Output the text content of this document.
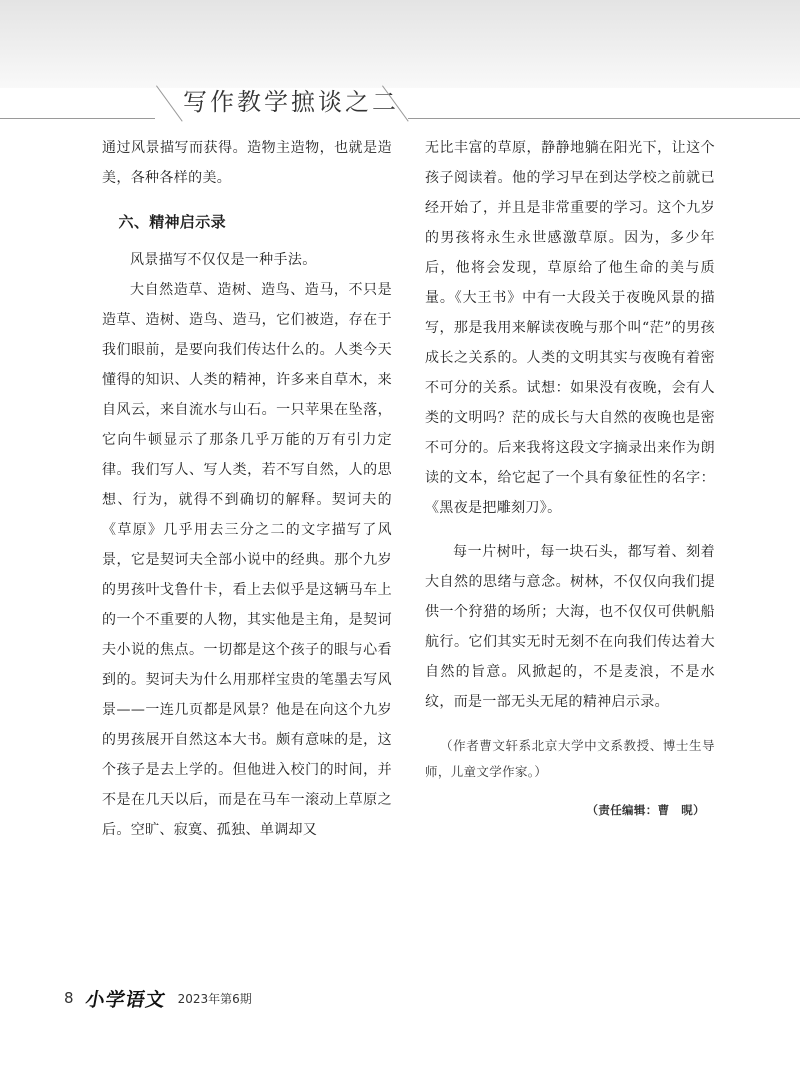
写作教学摭谈之二

通过风景描写而获得。造物主造物，也就是造美，各种各样的美。

六、精神启示录

风景描写不仅仅是一种手法。

大自然造草、造树、造鸟、造马，不只是造草、造树、造鸟、造马，它们被造，存在于我们眼前，是要向我们传达什么的。人类今天懂得的知识、人类的精神，许多来自草木，来自风云，来自流水与山石。一只苹果在坠落，它向牛顿显示了那条几乎万能的万有引力定律。我们写人、写人类，若不写自然，人的思想、行为，就得不到确切的解释。契诃夫的《草原》几乎用去三分之二的文字描写了风景，它是契诃夫全部小说中的经典。那个九岁的男孩叶戈鲁什卡，看上去似乎是这辆马车上的一个不重要的人物，其实他是主角，是契诃夫小说的焦点。一切都是这个孩子的眼与心看到的。契诃夫为什么用那样宝贵的笔墨去写风景——一连几页都是风景？他是在向这个九岁的男孩展开自然这本大书。颇有意味的是，这个孩子是去上学的。但他进入校门的时间，并不是在几天以后，而是在马车一滚动上草原之后。空旷、寂寞、孤独、单调却又

无比丰富的草原，静静地躺在阳光下，让这个孩子阅读着。他的学习早在到达学校之前就已经开始了，并且是非常重要的学习。这个九岁的男孩将永生永世感激草原。因为，多少年后，他将会发现，草原给了他生命的美与质量。《大王书》中有一大段关于夜晚风景的描写，那是我用来解读夜晚与那个叫“茫”的男孩成长之关系的。人类的文明其实与夜晚有着密不可分的关系。试想：如果没有夜晚，会有人类的文明吗？茫的成长与大自然的夜晚也是密不可分的。后来我将这段文字摘录出来作为朗读的文本，给它起了一个具有象征性的名字：《黑夜是把雕刻刀》。

每一片树叶，每一块石头，都写着、刻着大自然的思绪与意念。树林，不仅仅向我们提供一个狩猎的场所；大海，也不仅仅可供帆船航行。它们其实无时无刻不在向我们传达着大自然的旨意。风掀起的，不是麦浪，不是水纹，而是一部无头无尾的精神启示录。

（作者曹文轩系北京大学中文系教授、博士生导师，儿童文学作家。）

（责任编辑：曹　晛）

8 小学语文 2023年第6期
